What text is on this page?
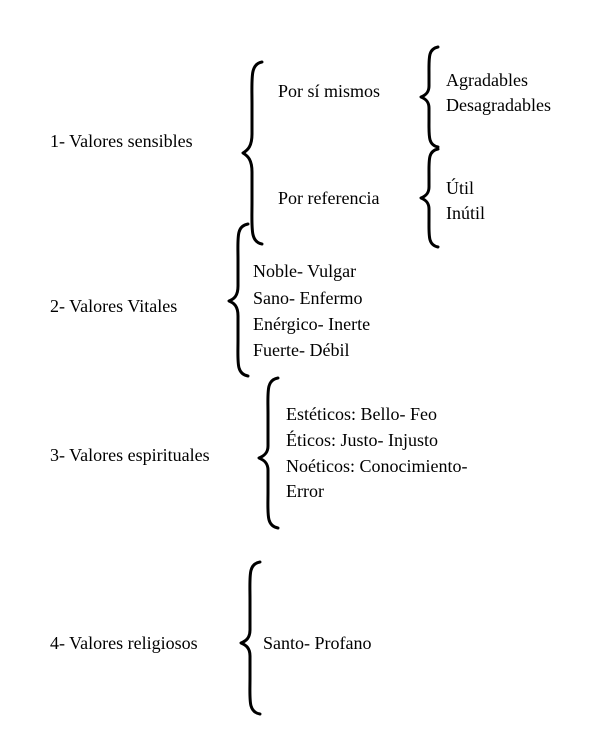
1- Valores sensibles
Por sí mismos
Por referencia
Agradables
Desagradables
Útil
Inútil
2- Valores Vitales
Noble- Vulgar
Sano- Enfermo
Enérgico- Inerte
Fuerte- Débil
3- Valores espirituales
Estéticos: Bello- Feo
Éticos: Justo- Injusto
Noéticos: Conocimiento-
Error
4- Valores religiosos	Santo- Profano
